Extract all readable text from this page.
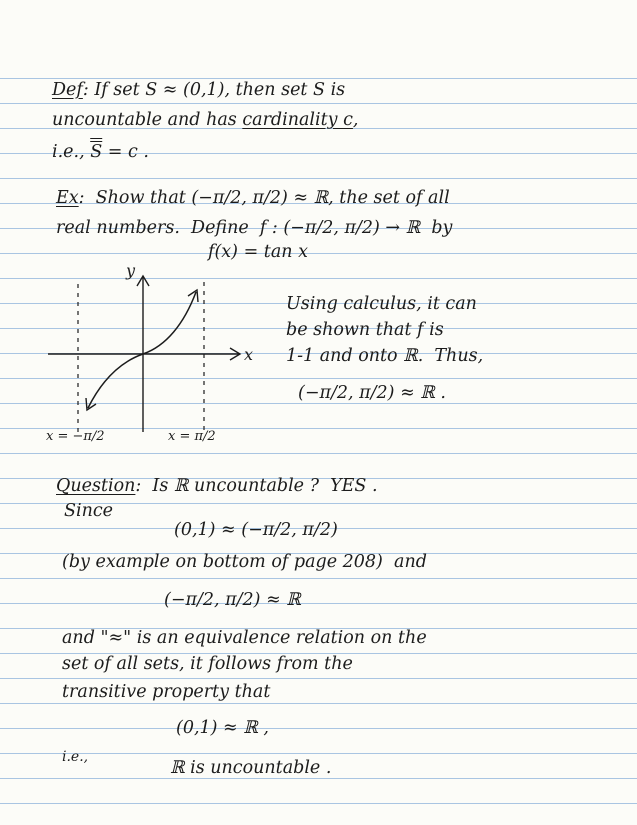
Def: If set S ≈ (0,1), then set S is
uncountable and has cardinality c,
i.e., S = c .
Ex:  Show that (−π/2, π/2) ≈ ℝ, the set of all
real numbers.  Define  f : (−π/2, π/2) → ℝ  by
f(x) = tan x
y
x
x = −π/2	x = π/2
Using calculus, it can
be shown that f is
1-1 and onto ℝ.  Thus,
(−π/2, π/2) ≈ ℝ .
Question:  Is ℝ uncountable ?  YES .
Since
(0,1) ≈ (−π/2, π/2)
(by example on bottom of page 208)  and
(−π/2, π/2) ≈ ℝ
and "≈" is an equivalence relation on the
set of all sets, it follows from the
transitive property that
(0,1) ≈ ℝ ,
i.e.,
ℝ is uncountable .
